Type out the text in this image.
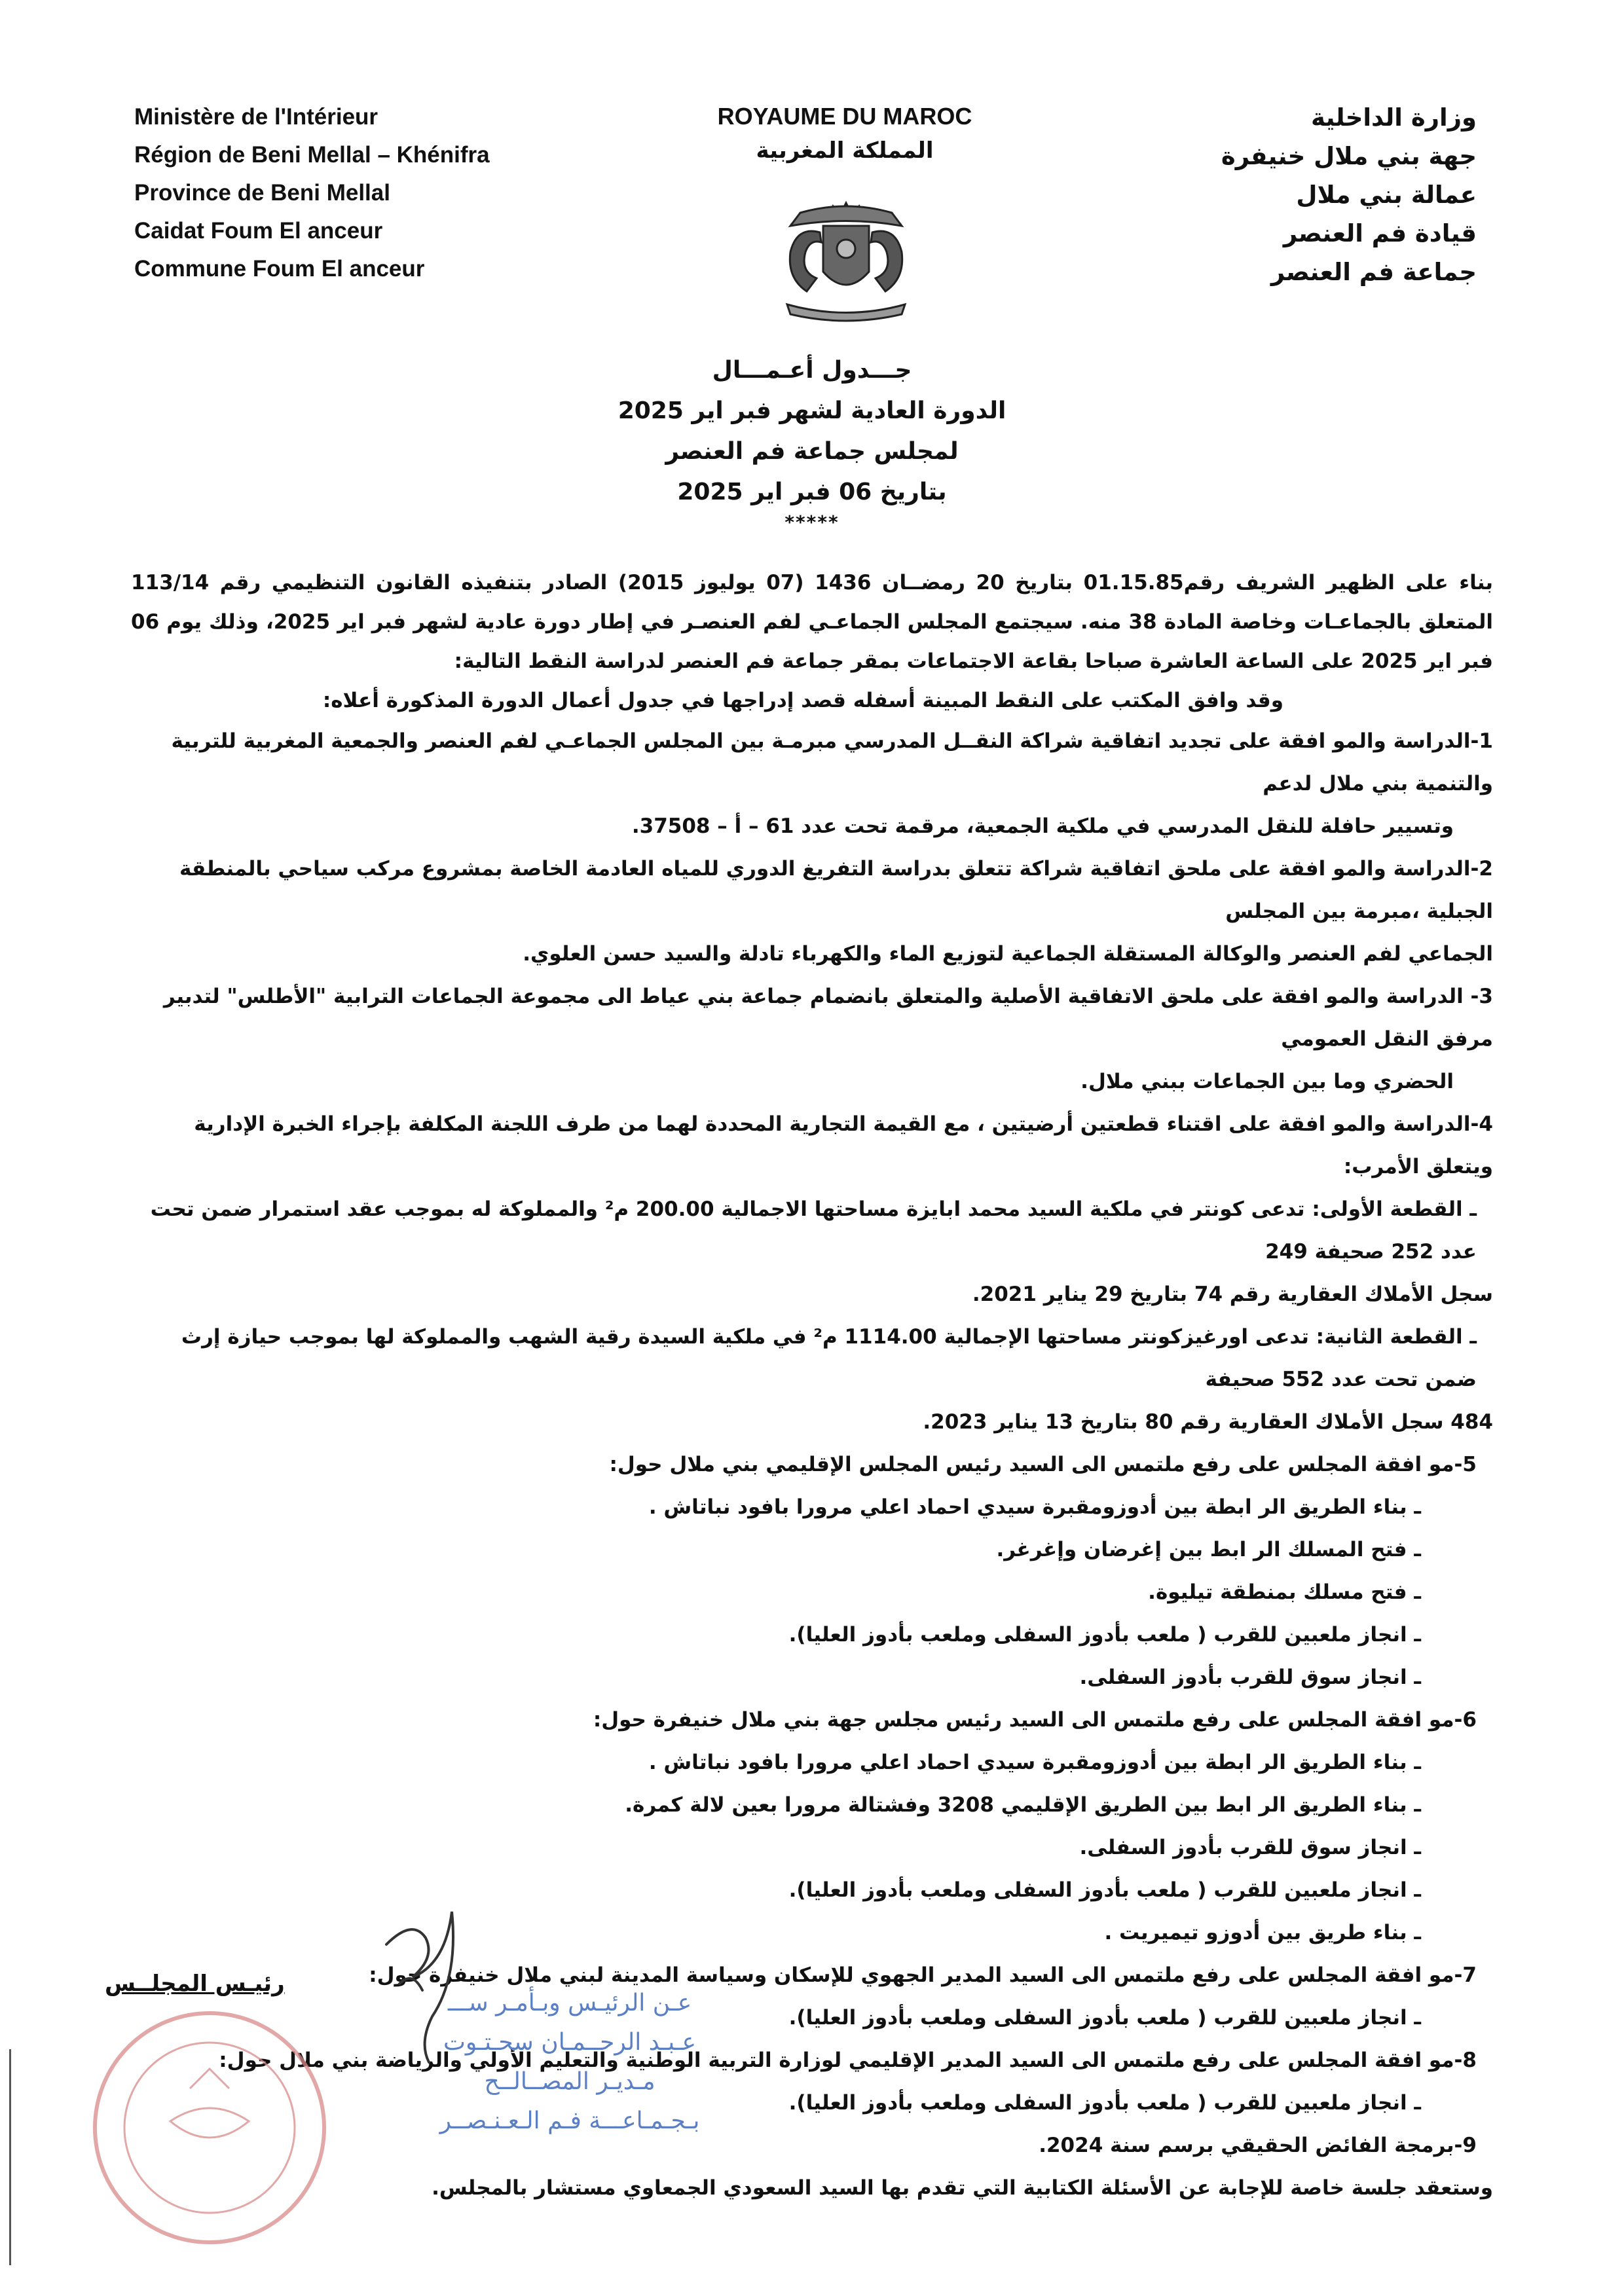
Ministère de l'Intérieur
Région de Beni Mellal – Khénifra
Province de Beni Mellal
Caidat Foum El anceur
Commune Foum El anceur
ROYAUME DU MAROC
المملكة المغربية
وزارة الداخلية
جهة بني ملال خنيفرة
عمالة بني ملال
قيادة فم العنصر
جماعة فم العنصر
جـــدول أعـمـــال
الدورة العادية لشهر فبر اير 2025
لمجلس جماعة فم العنصر
بتاريخ 06 فبر اير 2025
*****

بناء على الظهير الشريف رقم01.15.85 بتاريخ 20 رمضــان 1436 (07 يوليوز 2015) الصادر بتنفيذه القانون التنظيمي رقم 113/14 المتعلق بالجماعـات وخاصة المادة 38 منه. سيجتمع المجلس الجماعـي لفم العنصـر في إطار دورة عادية لشهر فبر اير 2025، وذلك يوم 06 فبر اير 2025 على الساعة العاشرة صباحا بقاعة الاجتماعات بمقر جماعة فم العنصر لدراسة النقط التالية:

وقد وافق المكتب على النقط المبينة أسفله قصد إدراجها في جدول أعمال الدورة المذكورة أعلاه:

1-الدراسة والمو افقة على تجديد اتفاقية شراكة النقــل المدرسي مبرمـة بين المجلس الجماعـي لفم العنصر والجمعية المغربية للتربية والتنمية بني ملال لدعم
وتسيير حافلة للنقل المدرسي في ملكية الجمعية، مرقمة تحت عدد 61 – أ – 37508.
2-الدراسة والمو افقة على ملحق اتفاقية شراكة تتعلق بدراسة التفريغ الدوري للمياه العادمة الخاصة بمشروع مركب سياحي بالمنطقة الجبلية ،مبرمة بين المجلس
الجماعي لفم العنصر والوكالة المستقلة الجماعية لتوزيع الماء والكهرباء تادلة والسيد حسن العلوي.
3- الدراسة والمو افقة على ملحق الاتفاقية الأصلية والمتعلق بانضمام جماعة بني عياط الى مجموعة الجماعات الترابية "الأطلس" لتدبير مرفق النقل العمومي
الحضري وما بين الجماعات ببني ملال.
4-الدراسة والمو افقة على اقتناء قطعتين أرضيتين ، مع القيمة التجارية المحددة لهما من طرف اللجنة المكلفة بإجراء الخبرة الإدارية ويتعلق الأمرب:
ـ القطعة الأولى: تدعى كونتر في ملكية السيد محمد ابايزة مساحتها الاجمالية 200.00 م² والمملوكة له بموجب عقد استمرار ضمن تحت عدد 252 صحيفة 249
سجل الأملاك العقارية رقم 74 بتاريخ 29 يناير 2021.
ـ القطعة الثانية: تدعى اورغيزكونتر مساحتها الإجمالية 1114.00 م² في ملكية السيدة رقية الشهب والمملوكة لها بموجب حيازة إرث ضمن تحت عدد 552 صحيفة
484 سجل الأملاك العقارية رقم 80 بتاريخ 13 يناير 2023.
5-مو افقة المجلس على رفع ملتمس الى السيد رئيس المجلس الإقليمي بني ملال حول:
ـ بناء الطريق الر ابطة بين أدوزومقبرة سيدي احماد اعلي مرورا بافود نباتاش .
ـ فتح المسلك الر ابط بين إغرضان وإغرغر.
ـ فتح مسلك بمنطقة تيليوة.
ـ انجاز ملعبين للقرب ( ملعب بأدوز السفلى وملعب بأدوز العليا).
ـ انجاز سوق للقرب بأدوز السفلى.
6-مو افقة المجلس على رفع ملتمس الى السيد رئيس مجلس جهة بني ملال خنيفرة حول:
ـ بناء الطريق الر ابطة بين أدوزومقبرة سيدي احماد اعلي مرورا بافود نباتاش .
ـ بناء الطريق الر ابط بين الطريق الإقليمي 3208 وفشتالة مرورا بعين لالة كمرة.
ـ انجاز سوق للقرب بأدوز السفلى.
ـ انجاز ملعبين للقرب ( ملعب بأدوز السفلى وملعب بأدوز العليا).
ـ بناء طريق بين أدوزو تيميريت .
7-مو افقة المجلس على رفع ملتمس الى السيد المدير الجهوي للإسكان وسياسة المدينة لبني ملال خنيفرة حول:
ـ انجاز ملعبين للقرب ( ملعب بأدوز السفلى وملعب بأدوز العليا).
8-مو افقة المجلس على رفع ملتمس الى السيد المدير الإقليمي لوزارة التربية الوطنية والتعليم الأولي والرياضة بني ملال حول:
ـ انجاز ملعبين للقرب ( ملعب بأدوز السفلى وملعب بأدوز العليا).
9-برمجة الفائض الحقيقي برسم سنة 2024.
وستعقد جلسة خاصة للإجابة عن الأسئلة الكتابية التي تقدم بها السيد السعودي الجمعاوي مستشار بالمجلس.
رئيـس المجلــس
عـن الرئيـس وبـأمـر ســـ
عـبـد الرحــمـان سحـتـوت
مـديـر المصــالــح
بـجـمـاعـــة فـم الـعـنـصــر
